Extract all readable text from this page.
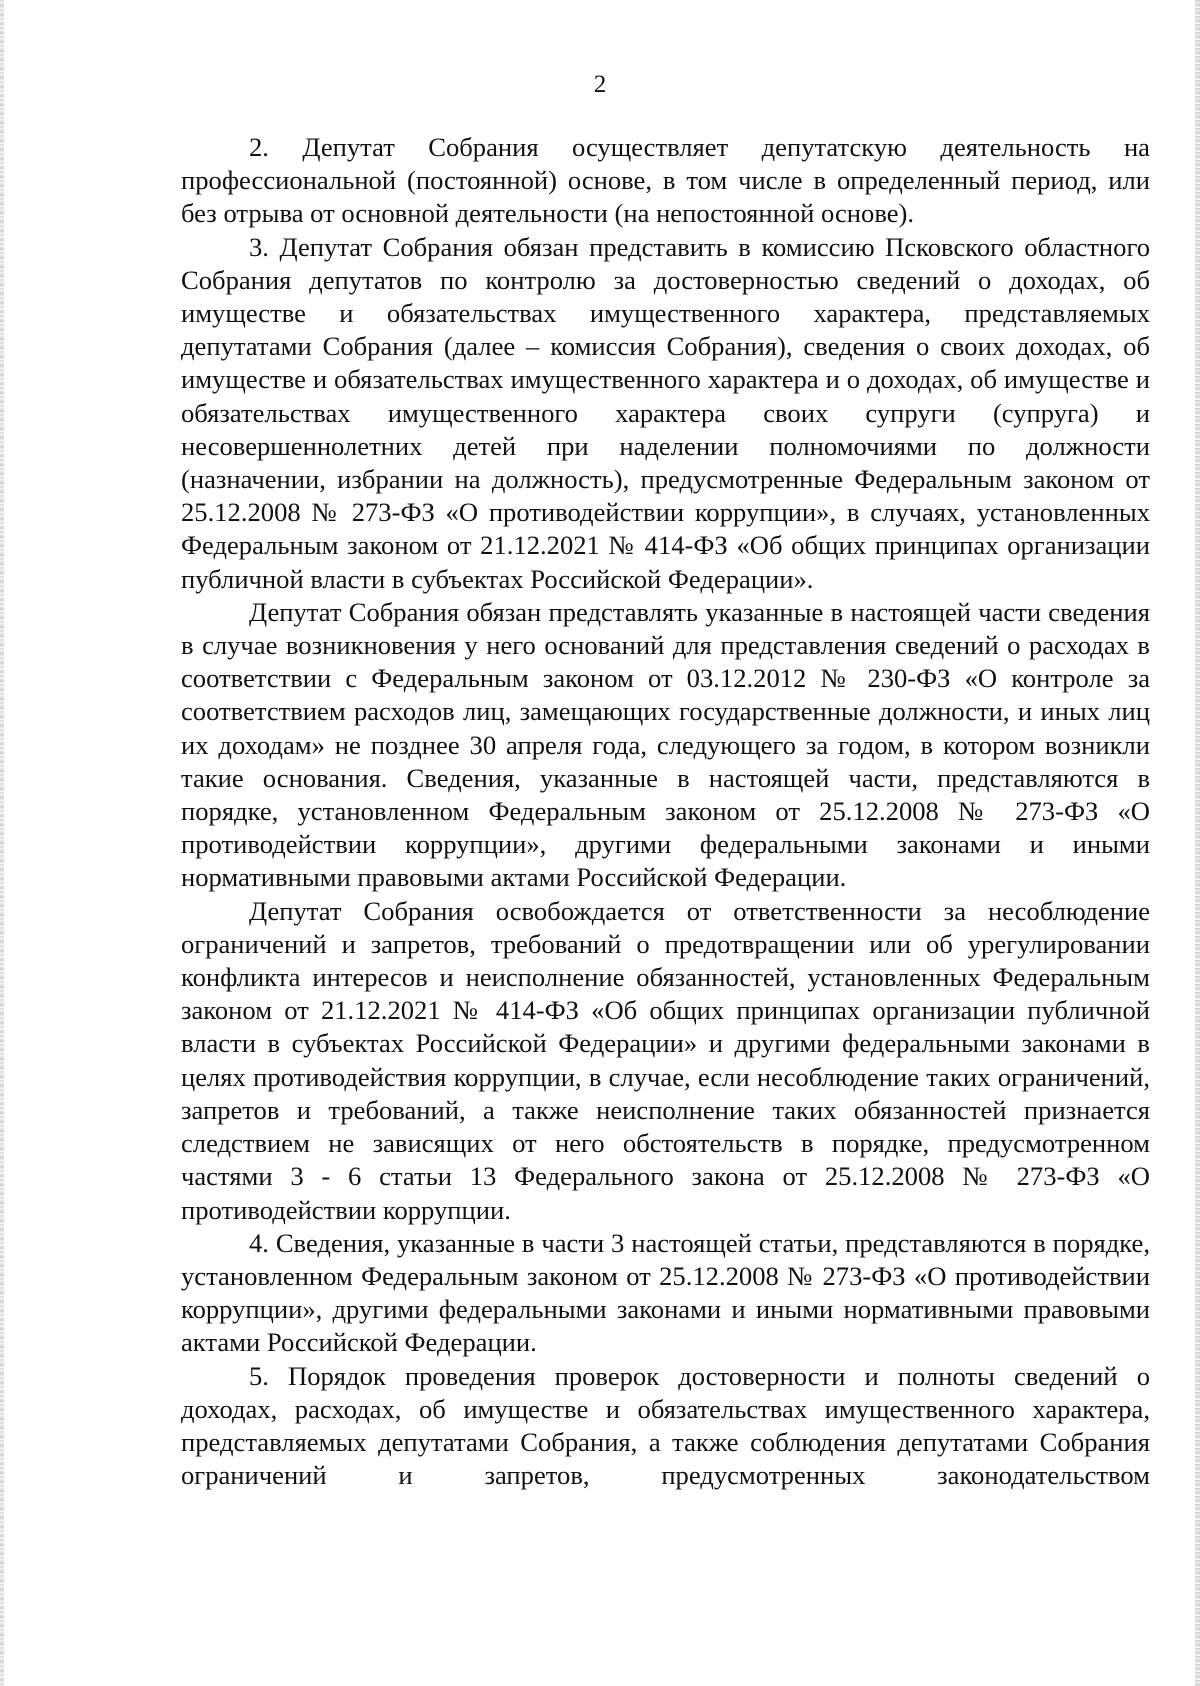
2

2. Депутат Собрания осуществляет депутатскую деятельность на профессиональной (постоянной) основе, в том числе в определенный период, или без отрыва от основной деятельности (на непостоянной основе).

3. Депутат Собрания обязан представить в комиссию Псковского областного Собрания депутатов по контролю за достоверностью сведений о доходах, об имуществе и обязательствах имущественного характера, представляемых депутатами Собрания (далее – комиссия Собрания), сведения о своих доходах, об имуществе и обязательствах имущественного характера и о доходах, об имуществе и обязательствах имущественного характера своих супруги (супруга) и несовершеннолетних детей при наделении полномочиями по должности (назначении, избрании на должность), предусмотренные Федеральным законом от 25.12.2008 № 273-ФЗ «О противодействии коррупции», в случаях, установленных Федеральным законом от 21.12.2021 № 414-ФЗ «Об общих принципах организации публичной власти в субъектах Российской Федерации».

Депутат Собрания обязан представлять указанные в настоящей части сведения в случае возникновения у него оснований для представления сведений о расходах в соответствии с Федеральным законом от 03.12.2012 № 230-ФЗ «О контроле за соответствием расходов лиц, замещающих государственные должности, и иных лиц их доходам» не позднее 30 апреля года, следующего за годом, в котором возникли такие основания. Сведения, указанные в настоящей части, представляются в порядке, установленном Федеральным законом от 25.12.2008 № 273-ФЗ «О противодействии коррупции», другими федеральными законами и иными нормативными правовыми актами Российской Федерации.

Депутат Собрания освобождается от ответственности за несоблюдение ограничений и запретов, требований о предотвращении или об урегулировании конфликта интересов и неисполнение обязанностей, установленных Федеральным законом от 21.12.2021 № 414-ФЗ «Об общих принципах организации публичной власти в субъектах Российской Федерации» и другими федеральными законами в целях противодействия коррупции, в случае, если несоблюдение таких ограничений, запретов и требований, а также неисполнение таких обязанностей признается следствием не зависящих от него обстоятельств в порядке, предусмотренном частями 3 - 6 статьи 13 Федерального закона от 25.12.2008 № 273-ФЗ «О противодействии коррупции.

4. Сведения, указанные в части 3 настоящей статьи, представляются в порядке, установленном Федеральным законом от 25.12.2008 № 273-ФЗ «О противодействии коррупции», другими федеральными законами и иными нормативными правовыми актами Российской Федерации.

5. Порядок проведения проверок достоверности и полноты сведений о доходах, расходах, об имуществе и обязательствах имущественного характера, представляемых депутатами Собрания, а также соблюдения депутатами Собрания ограничений и запретов, предусмотренных законодательством
